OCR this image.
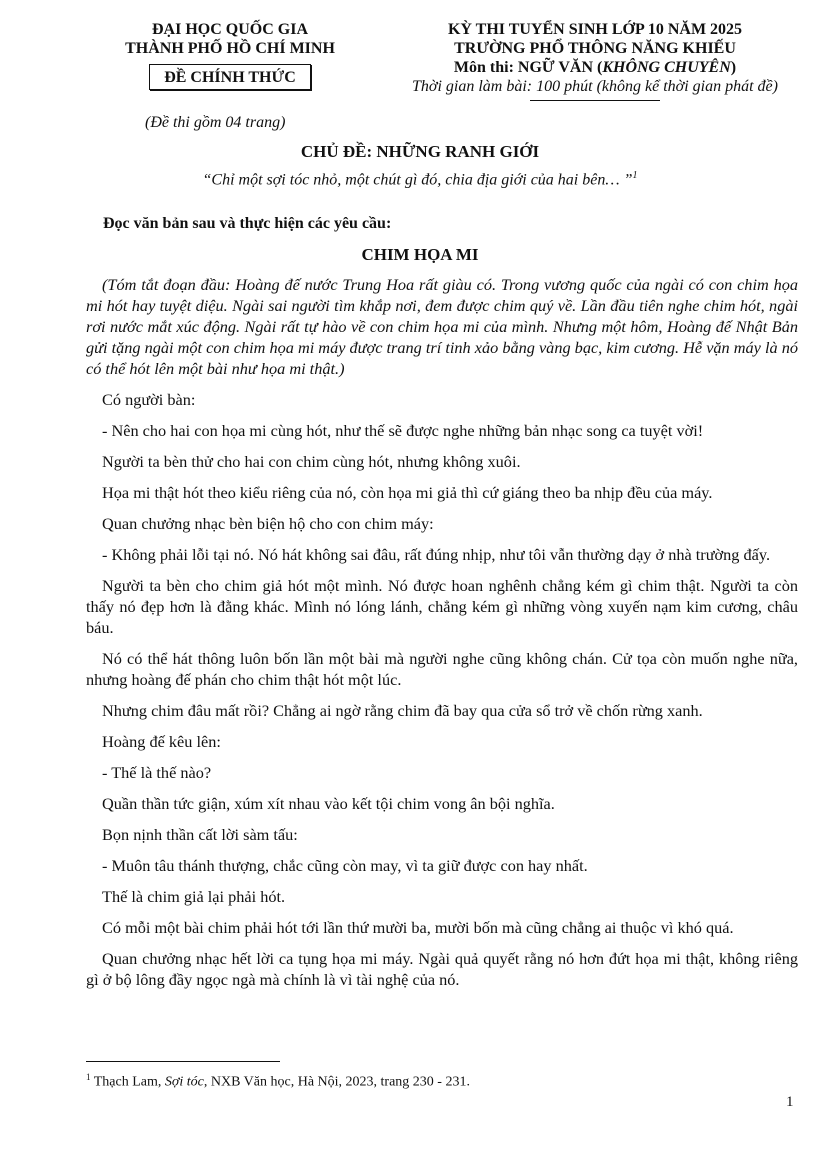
ĐẠI HỌC QUỐC GIA
THÀNH PHỐ HỒ CHÍ MINH
ĐỀ CHÍNH THỨC
KỲ THI TUYỂN SINH LỚP 10 NĂM 2025
TRƯỜNG PHỔ THÔNG NĂNG KHIẾU
Môn thi: NGỮ VĂN (KHÔNG CHUYÊN)
Thời gian làm bài: 100 phút (không kể thời gian phát đề)
(Đề thi gồm 04 trang)
CHỦ ĐỀ: NHỮNG RANH GIỚI
“Chỉ một sợi tóc nhỏ, một chút gì đó, chia địa giới của hai bên… ”$^1$
Đọc văn bản sau và thực hiện các yêu cầu:
CHIM HỌA MI

(Tóm tắt đoạn đầu: Hoàng đế nước Trung Hoa rất giàu có. Trong vương quốc của ngài có con chim họa mi hót hay tuyệt diệu. Ngài sai người tìm khắp nơi, đem được chim quý về. Lần đầu tiên nghe chim hót, ngài rơi nước mắt xúc động. Ngài rất tự hào về con chim họa mi của mình. Nhưng một hôm, Hoàng đế Nhật Bản gửi tặng ngài một con chim họa mi máy được trang trí tinh xảo bằng vàng bạc, kim cương. Hễ vặn máy là nó có thể hót lên một bài như họa mi thật.)

Có người bàn:

- Nên cho hai con họa mi cùng hót, như thế sẽ được nghe những bản nhạc song ca tuyệt vời!

Người ta bèn thử cho hai con chim cùng hót, nhưng không xuôi.

Họa mi thật hót theo kiểu riêng của nó, còn họa mi giả thì cứ giáng theo ba nhịp đều của máy.

Quan chưởng nhạc bèn biện hộ cho con chim máy:

- Không phải lỗi tại nó. Nó hát không sai đâu, rất đúng nhịp, như tôi vẫn thường dạy ở nhà trường đấy.

Người ta bèn cho chim giả hót một mình. Nó được hoan nghênh chẳng kém gì chim thật. Người ta còn thấy nó đẹp hơn là đằng khác. Mình nó lóng lánh, chẳng kém gì những vòng xuyến nạm kim cương, châu báu.

Nó có thể hát thông luôn bốn lần một bài mà người nghe cũng không chán. Cử tọa còn muốn nghe nữa, nhưng hoàng đế phán cho chim thật hót một lúc.

Nhưng chim đâu mất rồi? Chẳng ai ngờ rằng chim đã bay qua cửa sổ trở về chốn rừng xanh.

Hoàng đế kêu lên:

- Thế là thế nào?

Quần thần tức giận, xúm xít nhau vào kết tội chim vong ân bội nghĩa.

Bọn nịnh thần cất lời sàm tấu:

- Muôn tâu thánh thượng, chắc cũng còn may, vì ta giữ được con hay nhất.

Thế là chim giả lại phải hót.

Có mỗi một bài chim phải hót tới lần thứ mười ba, mười bốn mà cũng chẳng ai thuộc vì khó quá.

Quan chưởng nhạc hết lời ca tụng họa mi máy. Ngài quả quyết rằng nó hơn đứt họa mi thật, không riêng gì ở bộ lông đầy ngọc ngà mà chính là vì tài nghệ của nó.

$^1$ Thạch Lam, Sợi tóc, NXB Văn học, Hà Nội, 2023, trang 230 - 231.
1
